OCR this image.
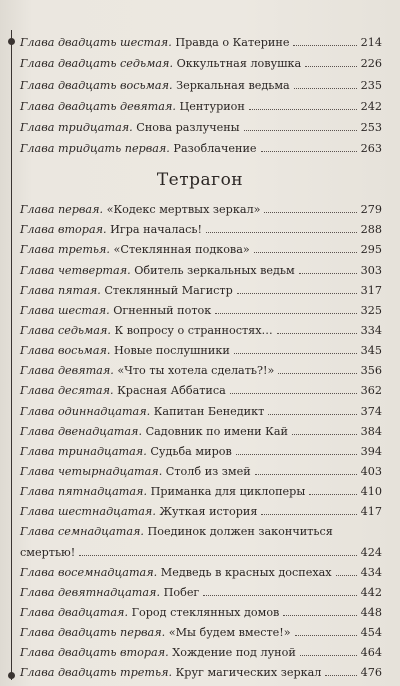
Глава двадцать шестая. Правда о Катерине	214
Глава двадцать седьмая. Оккультная ловушка	226
Глава двадцать восьмая. Зеркальная ведьма	235
Глава двадцать девятая. Центурион	242
Глава тридцатая. Снова разлучены	253
Глава тридцать первая. Разоблачение	263
Тетрагон
Глава первая. «Кодекс мертвых зеркал»	279
Глава вторая. Игра началась!	288
Глава третья. «Стеклянная подкова»	295
Глава четвертая. Обитель зеркальных ведьм	303
Глава пятая. Стеклянный Магистр	317
Глава шестая. Огненный поток	325
Глава седьмая. К вопросу о странностях…	334
Глава восьмая. Новые послушники	345
Глава девятая. «Что ты хотела сделать?!»	356
Глава десятая. Красная Аббатиса	362
Глава одиннадцатая. Капитан Бенедикт	374
Глава двенадцатая. Садовник по имени Кай	384
Глава тринадцатая. Судьба миров	394
Глава четырнадцатая. Столб из змей	403
Глава пятнадцатая. Приманка для циклоперы	410
Глава шестнадцатая. Жуткая история	417
Глава семнадцатая. Поединок должен закончиться
смертью!	424
Глава восемнадцатая. Медведь в красных доспехах	434
Глава девятнадцатая. Побег	442
Глава двадцатая. Город стеклянных домов	448
Глава двадцать первая. «Мы будем вместе!»	454
Глава двадцать вторая. Хождение под луной	464
Глава двадцать третья. Круг магических зеркал	476
